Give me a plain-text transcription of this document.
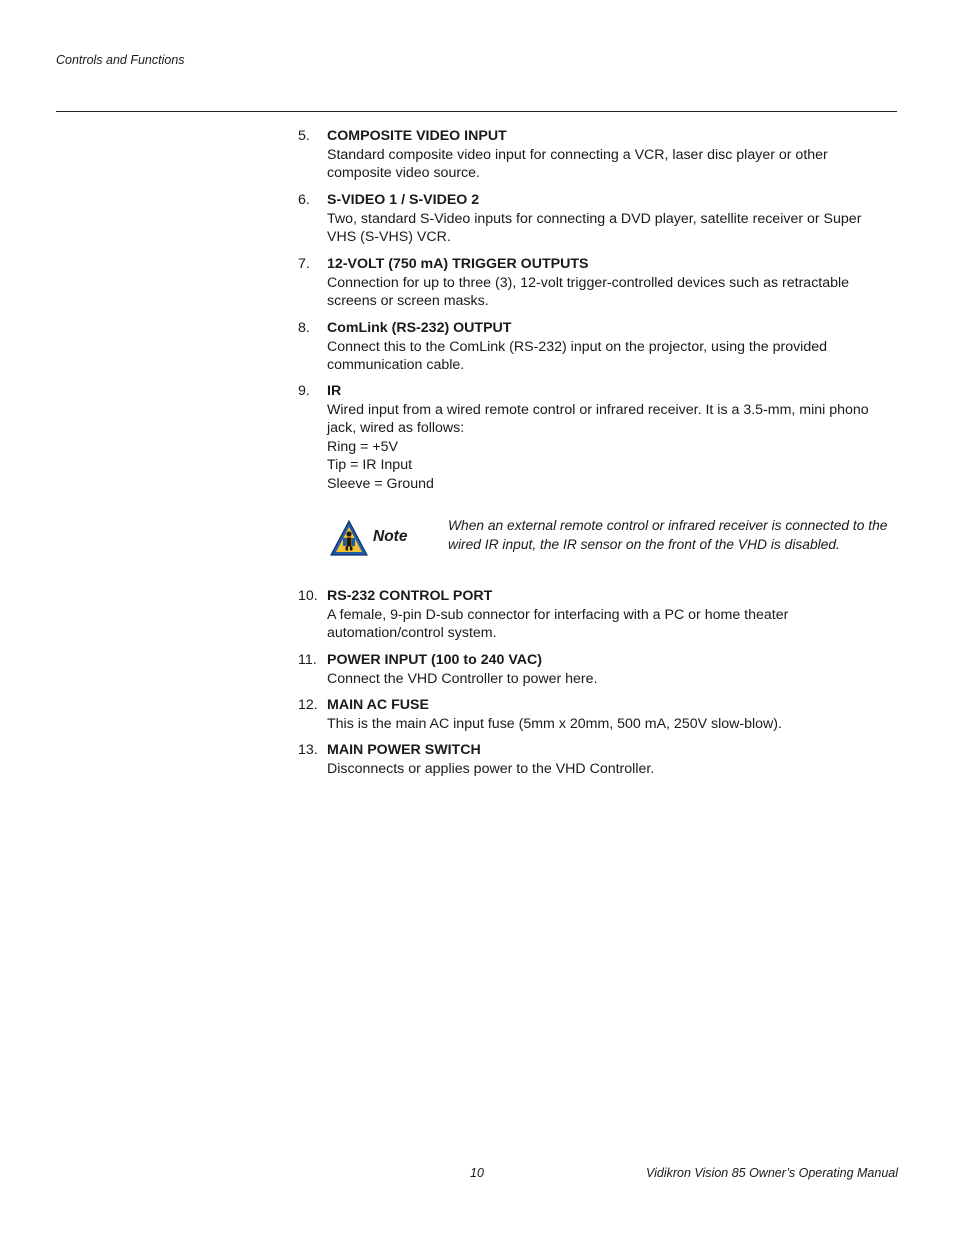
Controls and Functions
5. COMPOSITE VIDEO INPUT
Standard composite video input for connecting a VCR, laser disc player or other
composite video source.
6. S-VIDEO 1 / S-VIDEO 2
Two, standard S-Video inputs for connecting a DVD player, satellite receiver or Super
VHS (S-VHS) VCR.
7. 12-VOLT (750 mA) TRIGGER OUTPUTS
Connection for up to three (3), 12-volt trigger-controlled devices such as retractable
screens or screen masks.
8. ComLink (RS-232) OUTPUT
Connect this to the ComLink (RS-232) input on the projector, using the provided
communication cable.
9. IR
Wired input from a wired remote control or infrared receiver. It is a 3.5-mm, mini phono
jack, wired as follows:
Ring = +5V
Tip = IR Input
Sleeve = Ground
Note
When an external remote control or infrared receiver is connected to the
wired IR input, the IR sensor on the front of the VHD is disabled.
10. RS-232 CONTROL PORT
A female, 9-pin D-sub connector for interfacing with a PC or home theater
automation/control system.
11. POWER INPUT (100 to 240 VAC)
Connect the VHD Controller to power here.
12. MAIN AC FUSE
This is the main AC input fuse (5mm x 20mm, 500 mA, 250V slow-blow).
13. MAIN POWER SWITCH
Disconnects or applies power to the VHD Controller.
10	Vidikron Vision 85 Owner’s Operating Manual
